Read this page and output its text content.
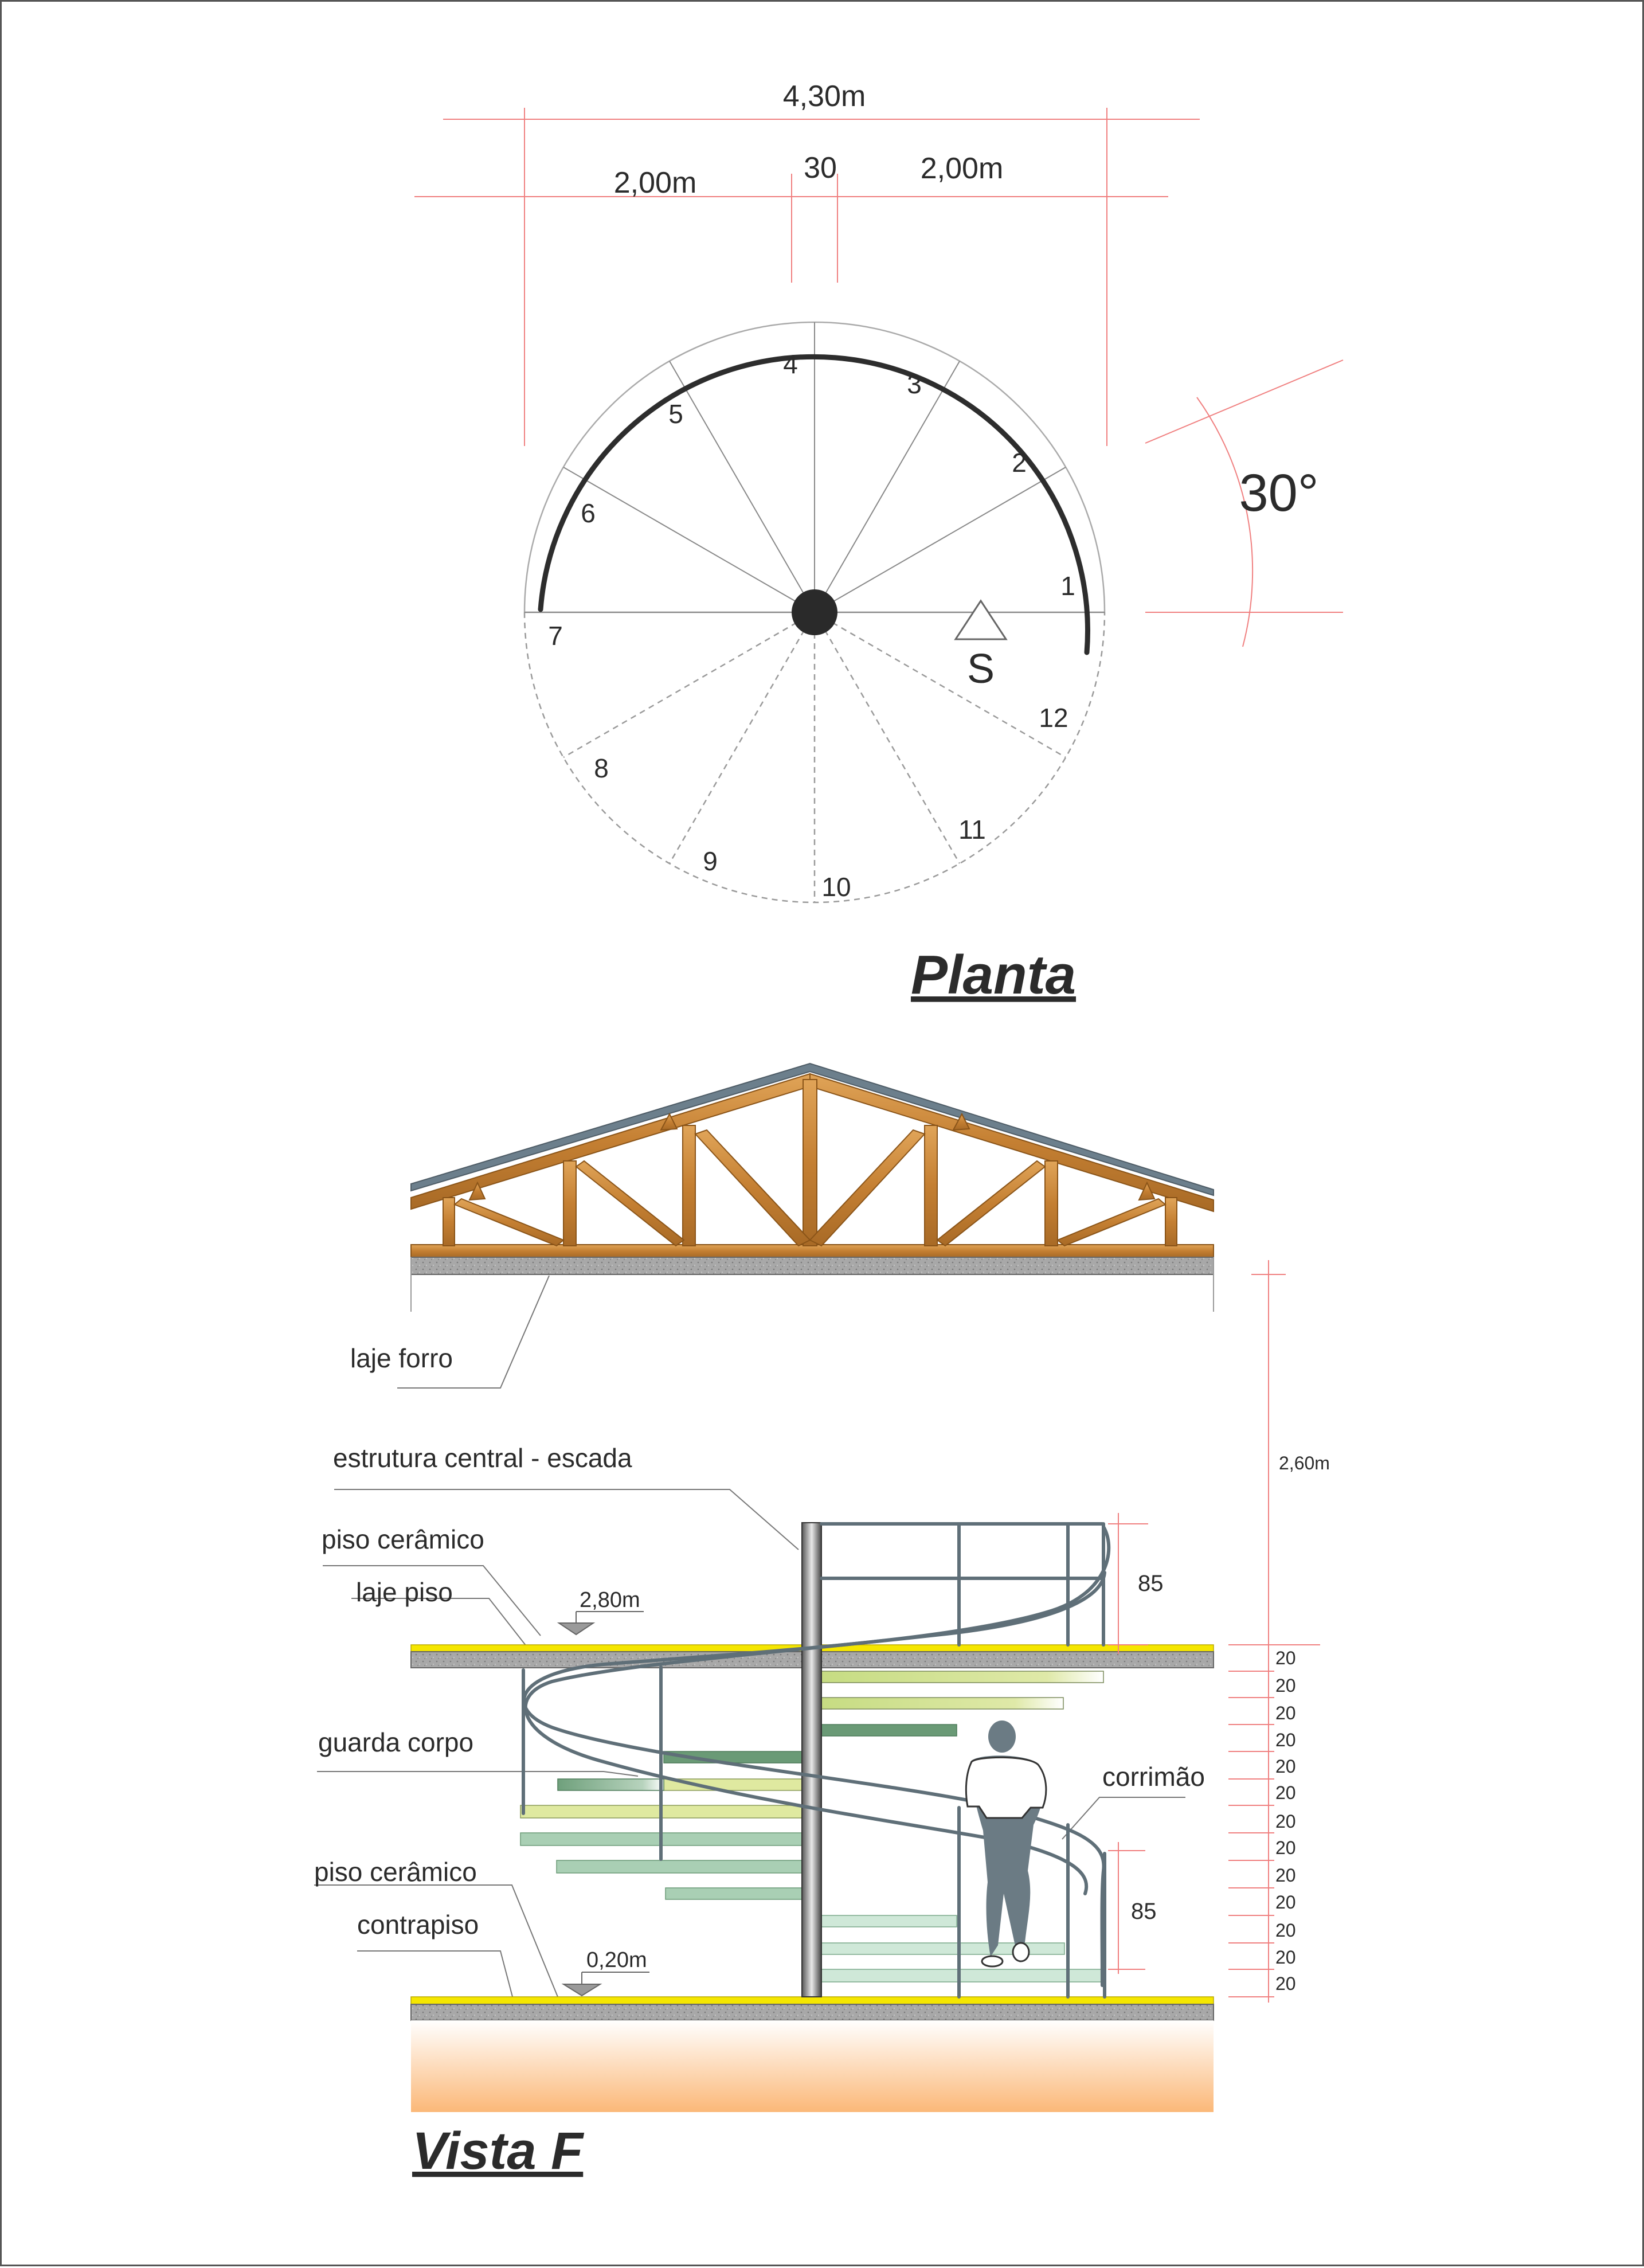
4,30m
2,00m	30	2,00m
30°
S
1
2
3
4
5
6
7
8
9
10
11
12
Planta
laje forro
estrutura central - escada
piso cerâmico
laje piso
guarda corpo
piso cerâmico
contrapiso
corrimão
2,80m
0,20m
85
85
2,60m
20
20
20
20
20
20
20
20
20
20
20
20
20
Vista F
